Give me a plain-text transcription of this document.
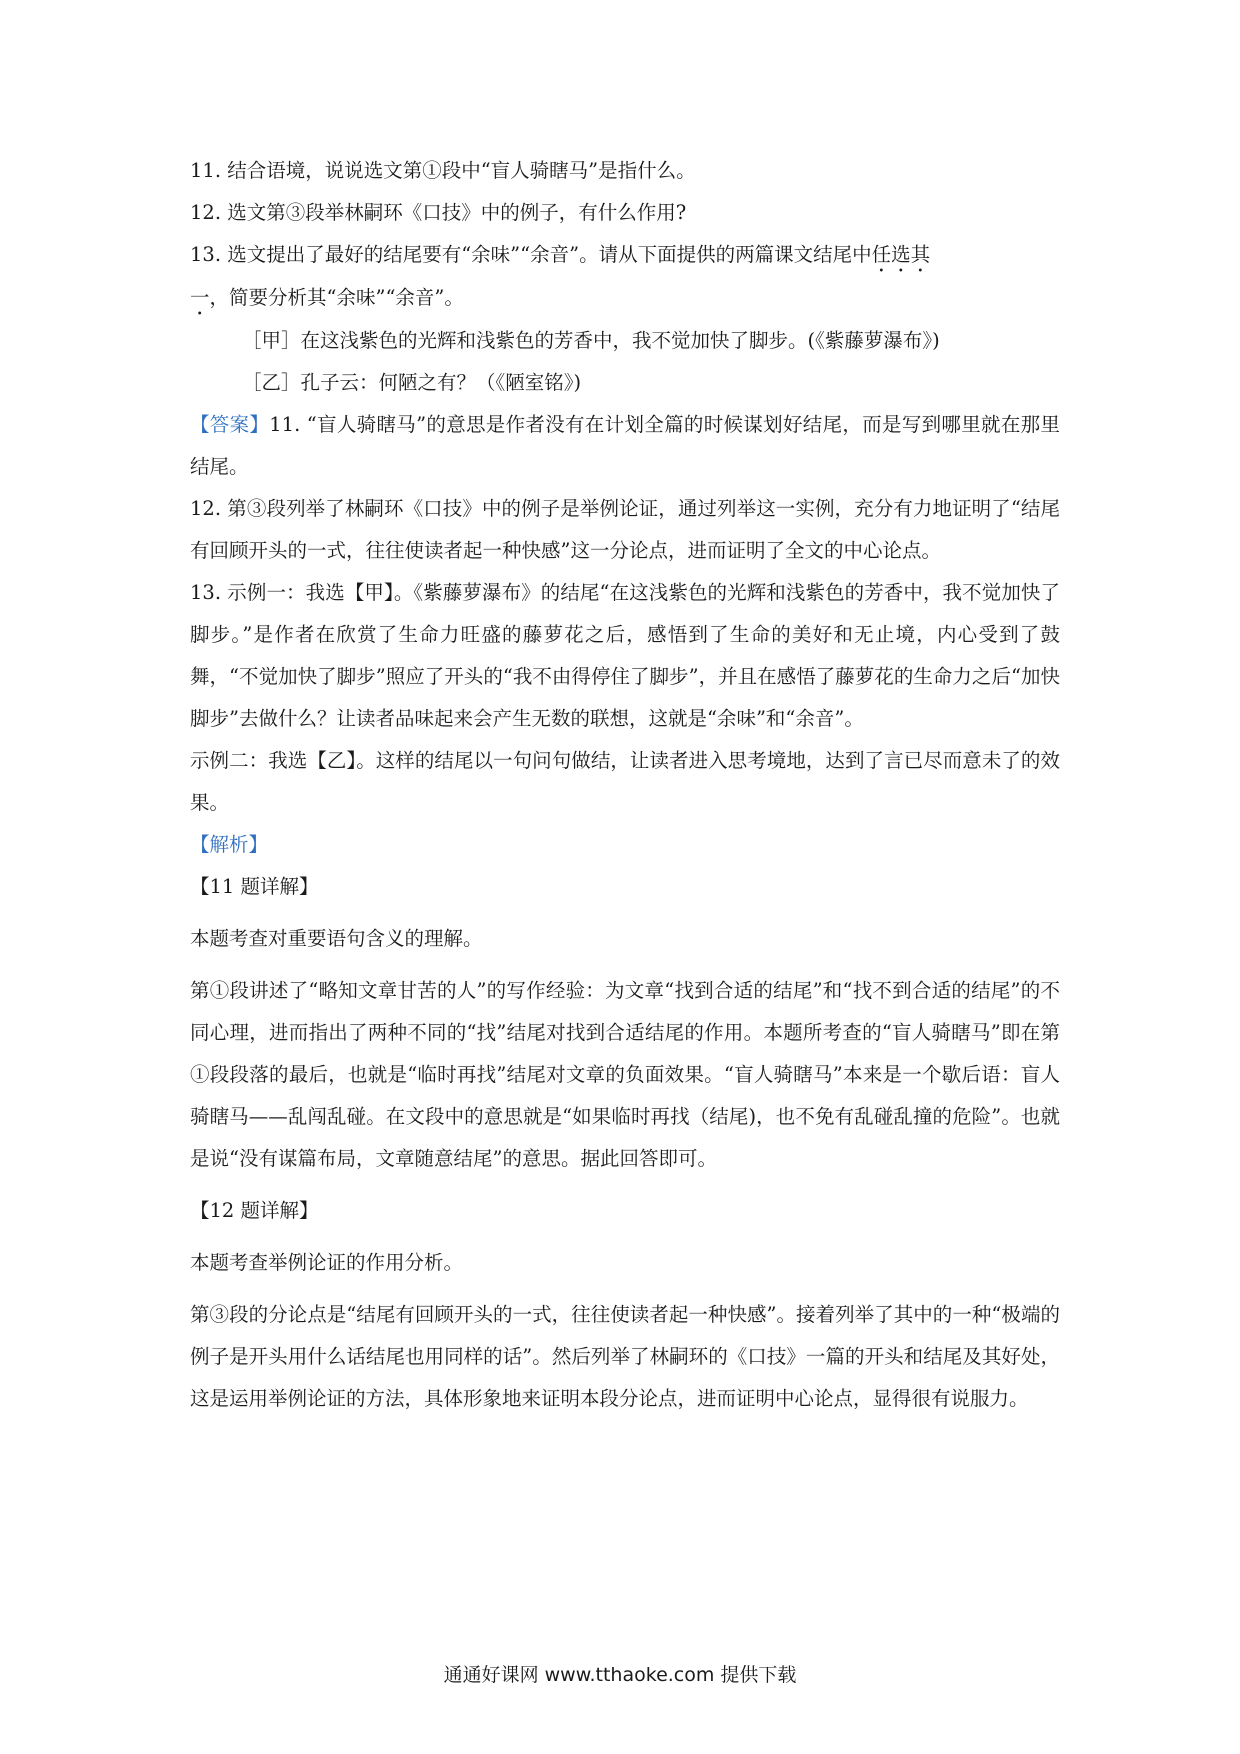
11. 结合语境，说说选文第①段中“盲人骑瞎马”是指什么。

12. 选文第③段举林嗣环《口技》中的例子，有什么作用?

13. 选文提出了最好的结尾要有“余味”“余音”。请从下面提供的两篇课文结尾中任选其
一，简要分析其“余味”“余音”。

［甲］在这浅紫色的光辉和浅紫色的芳香中，我不觉加快了脚步。(《紫藤萝瀑布》)

［乙］孔子云：何陋之有？（《陋室铭》)

【答案】11. “盲人骑瞎马”的意思是作者没有在计划全篇的时候谋划好结尾，而是写到哪里就在那里结尾。

12. 第③段列举了林嗣环《口技》中的例子是举例论证，通过列举这一实例，充分有力地证明了“结尾有回顾开头的一式，往往使读者起一种快感”这一分论点，进而证明了全文的中心论点。

13. 示例一：我选【甲】。《紫藤萝瀑布》的结尾“在这浅紫色的光辉和浅紫色的芳香中，我不觉加快了脚步。”是作者在欣赏了生命力旺盛的藤萝花之后，感悟到了生命的美好和无止境，内心受到了鼓舞，“不觉加快了脚步”照应了开头的“我不由得停住了脚步”，并且在感悟了藤萝花的生命力之后“加快脚步”去做什么？让读者品味起来会产生无数的联想，这就是“余味”和“余音”。

示例二：我选【乙】。这样的结尾以一句问句做结，让读者进入思考境地，达到了言已尽而意未了的效果。

【解析】

【11 题详解】

本题考查对重要语句含义的理解。

第①段讲述了“略知文章甘苦的人”的写作经验：为文章“找到合适的结尾”和“找不到合适的结尾”的不同心理，进而指出了两种不同的“找”结尾对找到合适结尾的作用。本题所考查的“盲人骑瞎马”即在第①段段落的最后，也就是“临时再找”结尾对文章的负面效果。“盲人骑瞎马”本来是一个歇后语：盲人骑瞎马——乱闯乱碰。在文段中的意思就是“如果临时再找（结尾)，也不免有乱碰乱撞的危险”。也就是说“没有谋篇布局，文章随意结尾”的意思。据此回答即可。

【12 题详解】

本题考查举例论证的作用分析。

第③段的分论点是“结尾有回顾开头的一式，往往使读者起一种快感”。接着列举了其中的一种“极端的例子是开头用什么话结尾也用同样的话”。然后列举了林嗣环的《口技》一篇的开头和结尾及其好处，这是运用举例论证的方法，具体形象地来证明本段分论点，进而证明中心论点，显得很有说服力。

通通好课网 www.tthaoke.com 提供下载
